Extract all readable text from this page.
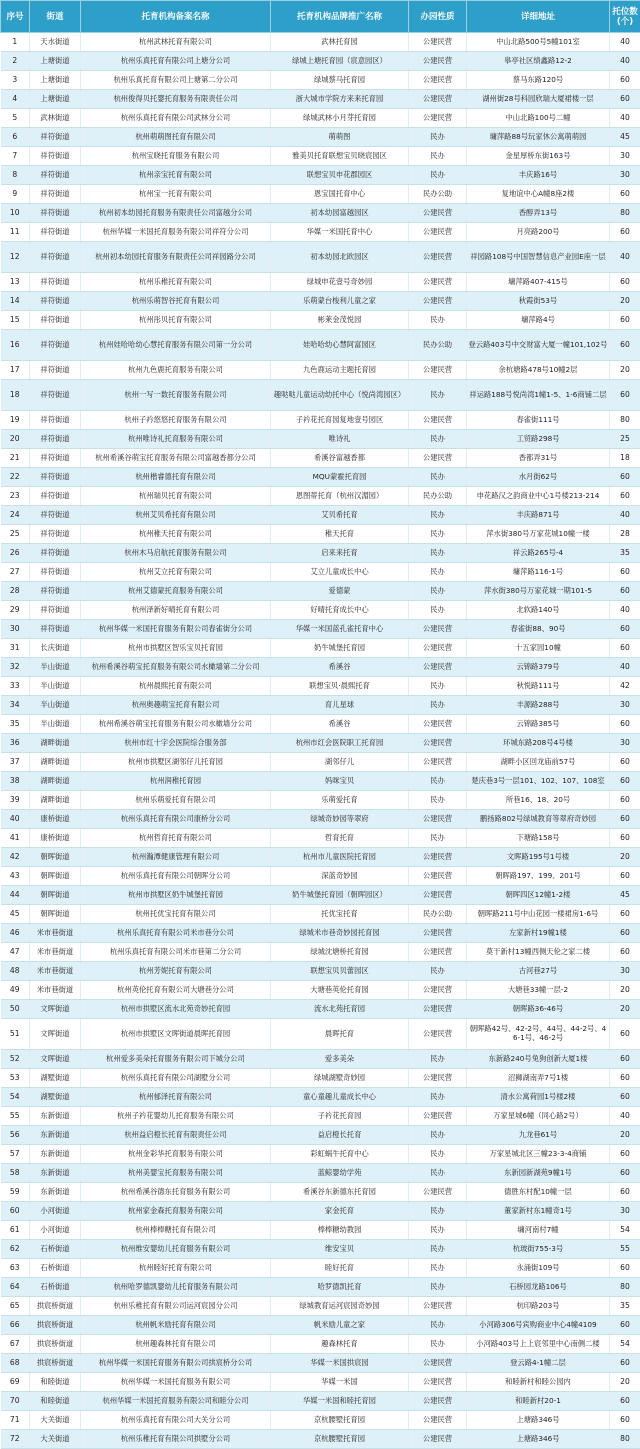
序号	街道	托育机构备案名称	托育机构品牌推广名称	办园性质	详细地址	托位数(个)
1	天水街道	杭州武林托育有限公司	武林托育园	公建民营	中山北路500号5幢101室	40
2	上塘街道	杭州乐真托育有限公司上塘分公司	绿城上塘托育园（宸意园区）	公建民营	皋亭社区绩鑫路12-2	40
3	上塘街道	杭州乐真托育有限公司上塘第二分公司	绿城蔡马托育园	公建民营	蔡马东路120号	60
4	上塘街道	杭州俊得贝托婴托育服务有限责任公司	浙大城市学院方来来托育园	公建民营	湖州街28号科园欣瑞大厦裙楼一层	60
5	武林街道	杭州乐真托育有限公司武林分公司	绿城武林小月芽托育园	公建民营	中山北路100号二幢	40
6	祥符街道	杭州萌萌图托育有限公司	萌萌图	民办	墉萍路88号玩家休公寓萌萌园	45
7	祥符街道	杭州宝晓托育服务有限公司	雅美贝托育联想宝贝晓宸园区	民办	金星厚桥东街163号	30
8	祥符街道	杭州亲宝托育有限公司	联想宝贝申花郡园区	民办	丰庆路16号	30
9	祥符街道	杭州宝一托育有限公司	恩宝国托育中心	民办公助	复地谊中心A幢8座2楼	60
10	祥符街道	杭州初本幼园托育服务有限责任公司富越分公司	初本幼园富越园区	公建民营	香醇弄13号	80
11	祥符街道	杭州华媒一米国托育服务有限公司祥符分公司	华媒一米国托育中心	公建民营	月亮路200号	60
12	祥符街道	杭州初本幼园托育服务有限责任公司祥园路分公司	初本幼园北欧园区	公建民营	祥园路108号中国智慧信息产业园E座一层	40
13	祥符街道	杭州乐稚托育有限公司	绿城申花壹号奇妙园	公建民营	墉萍路407-415号	60
14	祥符街道	杭州乐萌智谷托育有限公司	乐萌蒙台梭利儿童之家	公建民营	秋霞街53号	20
15	祥符街道	杭州彤贝托育有限公司	彬莱金茂悦园	民办	墉萍路4号	60
16	祥符街道	杭州娃哈哈幼心慧托育服务有限公司第一分公司	娃哈哈幼心慧阿富园区	民办公助	登云路403号中交财富大厦一幢101,102号	60
17	祥符街道	杭州九色鹿托育服务有限公司	九色鹿运动主题托育园	公建民营	余杭塘路478号10幢2层	20
18	祥符街道	杭州一写一数托育服务有限公司	趣哒哒儿童运动幼托中心（悦尚湾园区）	民办	祥运路188号悦尚湾1幢1-5、1-6商铺二层	60
19	祥符街道	杭州子衿悠悠托育服务有限公司	子衿花托育园复地壹号园区	公建民营	春雀街111号	80
20	祥符街道	杭州唯诗礼托育服务有限公司	唯诗礼	民办	工贸路298号	25
21	祥符街道	杭州希溪谷萌宝托育服务有限公司富越香都分公司	希溪谷富越香都	公建民营	香都弄31号	18
22	祥符街道	杭州楷睿德托育有限公司	MQU蒙霍托育园	民办	水月街62号	60
23	祥符街道	杭州瑞贝托育有限公司	恩图蒂托育（杭州汉湄园）	民办公助	申花路汉之韵商业中心1号楼213-214	60
24	祥符街道	杭州艾贝希托育有限公司	艾贝希托育	民办	丰庆路871号	40
25	祥符街道	杭州稚天托育有限公司	稚天托育	民办	萍水街380号万家花城10幢一楼	28
26	祥符街道	杭州木马启航托育服务有限公司	启来来托育	民办	祥云路265号-4	35
27	祥符街道	杭州艾立托育有限公司	艾立儿童成长中心	民办	墉萍路116-1号	60
28	祥符街道	杭州艾德蒙托育服务有限公司	爱德蒙	民办	萍水街380号万家花城一期101-5	60
29	祥符街道	杭州泽新好晴托育有限公司	好晴托育成长中心	民办	北软路140号	40
30	祥符街道	杭州华媒一米国托育服务有限公司春雀街分公司	华媒一米国蓝孔雀托育中心	公建民营	春雀街88、90号	60
31	长庆街道	杭州市拱墅区智乐宝贝托育园	奶牛城堡托育园	公建民营	十五家园10幢	60
32	半山街道	杭州希溪谷萌宝托育服务有限公司水橄墙第二分公司	希溪谷	公建民营	云锦路379号	40
33	半山街道	杭州晨熙托育有限公司	联想宝贝·晨熙托育	民办	秋悦路111号	42
34	半山街道	杭州奥趣萌宝托育有限公司	育儿星球	民办	丰源路288号	30
35	半山街道	杭州希溪谷萌宝托育服务有限公司水橄墙分公司	希溪谷	公建民营	云锦路385号	60
36	湖畔街道	杭州市红十字会医院综合服务部	杭州市红会医院职工托育园	公建民营	环城东路208号4号楼	30
37	湖畔街道	杭州市拱墅区湖邻仔儿托育园	湖邻仔儿	公建民营	湖畔小区回龙庙前57号	60
38	湖畔街道	杭州润稚托育园	妈咪宝贝	民办	楚庆巷3号一层101、102、107、108室	60
39	湖畔街道	杭州乐萌爱托育有限公司	乐萌爱托育	民办	所巷16、18、20号	60
40	康桥街道	杭州乐真托育有限公司康桥分公司	绿城奇妙园等翠府	公建民营	鹏扬路802号绿城教育等翠府奇妙园	60
41	康桥街道	杭州哲育托育有限公司	哲育托育	民办	下塘路158号	60
42	朝晖街道	杭州瀚潭健康管理有限公司	杭州市儿童医院托育园	公建民营	文晖路195号1号楼	20
43	朝晖街道	杭州乐真托育有限公司朝晖分公司	深蓝奇妙园	公建民营	朝晖路197、199、201号	60
44	朝晖街道	杭州市拱墅区奶牛城堡托育园	奶牛城堡托育园（朝晖园区）	公建民营	朝晖四区12幢1-2楼	45
45	朝晖街道	杭州托优宝托育有限公司	托优宝托育	民办公助	朝晖路211号中山花园一楼裙房1-6号	60
46	米市巷街道	杭州乐真托育有限公司米市巷分公司	绿城米市巷奇妙园托育园	公建民营	左家新村19幢1楼	60
47	米市巷街道	杭州乐真托育有限公司米市巷第二分公司	绿城沈塘桥托育园	公建民营	莫干新村13幢西侧天伦之家二楼	60
48	米市巷街道	杭州芳妮托育有限公司	联想宝贝贝蕾园区	民办	古河巷27号	30
49	米市巷街道	杭州英伦托育有限公司大塘巷分公司	大塘巷英伦托育园	公建民营	大塘巷33幢一层-2	20
50	文晖街道	杭州市拱墅区流水北苑奇妙托育园	流水北苑托育园	公建民营	朝晖路36-46号	20
51	文晖街道	杭州市拱墅区文晖街道晨晖托育园	晨晖托育	公建民营	朝晖路42号、42-2号、44号、44-2号、46-1号、46-2号	60
52	文晖街道	杭州爱多美朵托育服务有限公司下城分公司	爱多美朵	民办	东新路240号兔狗创新大厦1楼	60
53	湖墅街道	杭州乐真托育有限公司湖墅分公司	绿城湖墅奇妙园	公建民营	沼狮湖南弄7号1楼	60
54	湖墅街道	杭州郁泽托育有限公司	童心童趣儿童成长中心	民办	清水公寓荷园1号楼2楼	60
55	东新街道	杭州子衿花婴幼儿托育服务有限公司	子衿花托育园	公建民营	万家星城6幢（同心路2号）	40
56	东新街道	杭州益启橙长托育有限责任公司	益启橙长托育	民办	九龙巷61号	20
57	东新街道	杭州金彩华托育服务有限公司	彩虹蜗牛托育中心	民办	万家星城北区三幢23-3-4商铺	60
58	东新街道	杭州美婴宝托育服务有限公司	蓝鲸婴幼学苑	民办	东新园新湖苑9幢1号	60
59	东新街道	杭州希溪谷德东托育服务有限公司	希溪谷东新德东托育园	公建民营	德胜东村配10幢一层	60
60	小河街道	杭州家金森托育服务有限公司	家金托育	民办	董家新村东1幢奇1号	30
61	小河街道	杭州棒棒糖托育有限公司	棒棒糖幼教园	民办	墉河南村7幢	54
62	石桥街道	杭州维安婴幼儿托育服务有限公司	维安宝贝	民办	杭玻街755-3号	55
63	石桥街道	杭州睦好托育有限公司	睦好托育	民办	永涌街109号	60
64	石桥街道	杭州哈罗德凯婴幼儿托育服务有限公司	哈罗德凯托育	民办	石桥园龙路106号	80
65	拱宸桥街道	杭州乐稚托育有限公司运河宸园分公司	绿城教育运河宸园奇妙园	公建民营	杭印路203号	35
66	拱宸桥街道	杭州帆米励托育有限公司	帆米励儿童之家	民办	小河路306号宾购商业中心4幢4109	60
67	拱宸桥街道	杭州趣森林托育有限公司	趣森林托育	民办	小河路403号上上宸邻里中心南侧二楼	54
68	拱宸桥街道	杭州华媒一米国托育服务有限公司拱宸桥分公司	华媒一米国拱宸园	公建民营	登云路4-1幢二层	60
69	和睦街道	杭州华媒一米国托育服务有限公司	华媒一米国	公建民营	和睦新村和睦公园内	20
70	和睦街道	杭州华媒一米国托育服务有限公司和睦分公司	华媒一米国和睦托育园	公建民营	和睦新村20-1	60
71	大关街道	杭州乐真托育有限公司大关分公司	京杭腰墅托育园	公建民营	上塘路346号	60
72	大关街道	杭州乐稚托育有限公司拱墅分公司	京杭腰墅托育园	公建民营	上塘路346号	80
